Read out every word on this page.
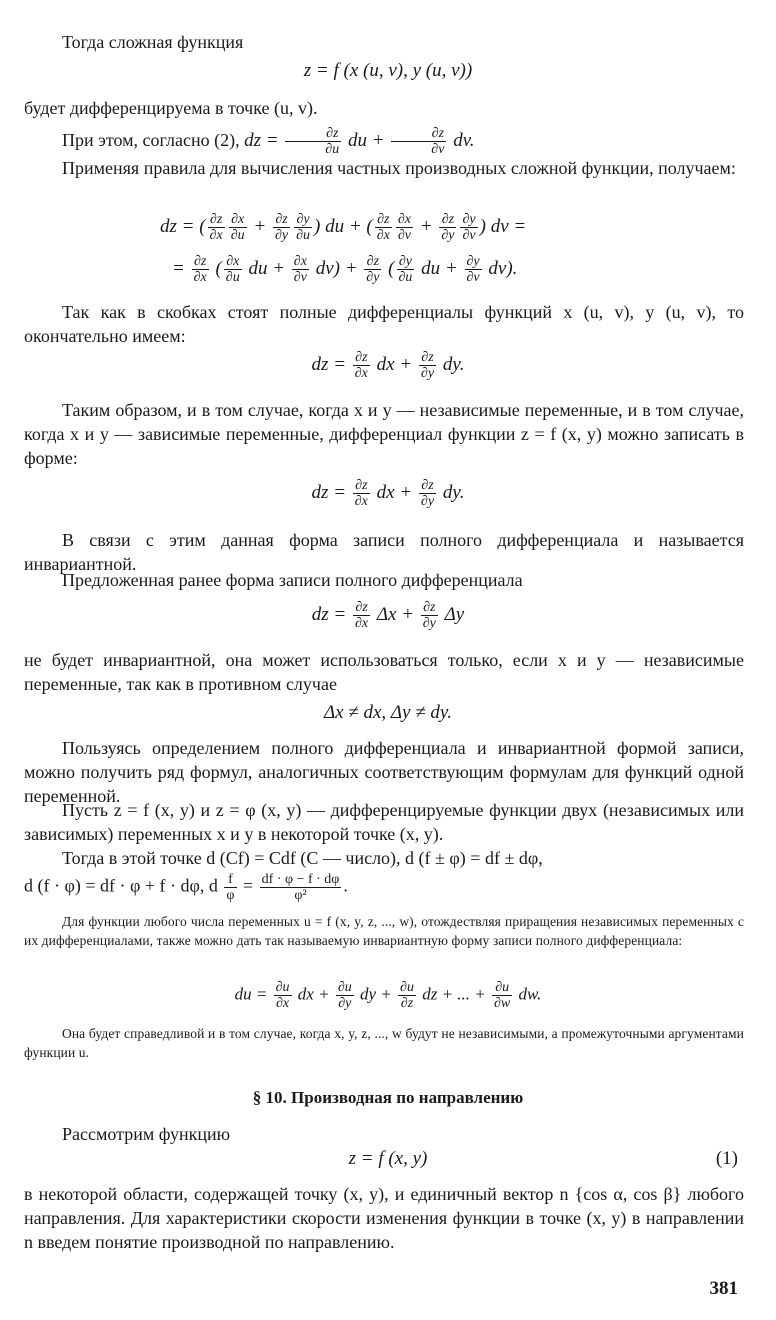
Тогда сложная функция
z = f (x (u, v), y (u, v))
будет дифференцируема в точке (u, v).
При этом, согласно (2), dz = $\frac{\partial z}{\partial u}$ du + $\frac{\partial z}{\partial v}$ dv.
Применяя правила для вычисления частных производных сложной функции, получаем:
dz = ( $\frac{\partial z}{\partial x} \frac{\partial x}{\partial u} + \frac{\partial z}{\partial y} \frac{\partial y}{\partial u}$ ) du + ( $\frac{\partial z}{\partial x} \frac{\partial x}{\partial v} + \frac{\partial z}{\partial y} \frac{\partial y}{\partial v}$ ) dv =
= $\frac{\partial z}{\partial x}$ ( $\frac{\partial x}{\partial u}$ du + $\frac{\partial x}{\partial v} dv) + \frac{\partial z}{\partial y}$ ( $\frac{\partial y}{\partial u}$ du + $\frac{\partial y}{\partial v} dv$).
Так как в скобках стоят полные дифференциалы функций x (u, v), y (u, v), то окончательно имеем:
dz = $\frac{\partial z}{\partial x}$ dx + $\frac{\partial z}{\partial y}$ dy.
Таким образом, и в том случае, когда x и y — независимые переменные, и в том случае, когда x и y — зависимые переменные, дифференциал функции z = f (x, y) можно записать в форме:
dz = $\frac{\partial z}{\partial x}$ dx + $\frac{\partial z}{\partial y}$ dy.
В связи с этим данная форма записи полного дифференциала и называется инвариантной.
Предложенная ранее форма записи полного дифференциала
dz = $\frac{\partial z}{\partial x}$ $\Delta x + \frac{\partial z}{\partial y}$ Δy
не будет инвариантной, она может использоваться только, если x и y — независимые переменные, так как в противном случае
Δx ≠ dx, Δy ≠ dy.
Пользуясь определением полного дифференциала и инвариантной формой записи, можно получить ряд формул, аналогичных соответствующим формулам для функций одной переменной.
Пусть z = f (x, y) и z = φ (x, y) — дифференцируемые функции двух (независимых или зависимых) переменных x и y в некоторой точке (x, y).
Тогда в этой точке d (Cf) = Cdf (C — число), d (f ± φ) = df ± dφ,
d (f · φ) = df · φ + f · dφ, d $\frac{f}{\varphi} = \frac{df \cdot \varphi - f \cdot d\varphi}{\text{φ²}}$ .
Для функции любого числа переменных u = f (x, y, z, ..., w), отождествляя приращения независимых переменных с их дифференциалами, также можно дать так называемую инвариантную форму записи полного дифференциала:
du = $\frac{\partial u}{\partial x}$ dx + $\frac{\partial u}{\partial y}$ dy + $\frac{\partial u}{\partial z}$ dz + ... + $\frac{\partial u}{\partial w}$ dw.
Она будет справедливой и в том случае, когда x, y, z, ..., w будут не независимыми, а промежуточными аргументами функции u.
§ 10. Производная по направлению
Рассмотрим функцию
z = f (x, y)	(1)
в некоторой области, содержащей точку (x, y), и единичный вектор n {cos α, cos β} любого направления. Для характеристики скорости изменения функции в точке (x, y) в направлении n введем понятие производной по направлению.
381
